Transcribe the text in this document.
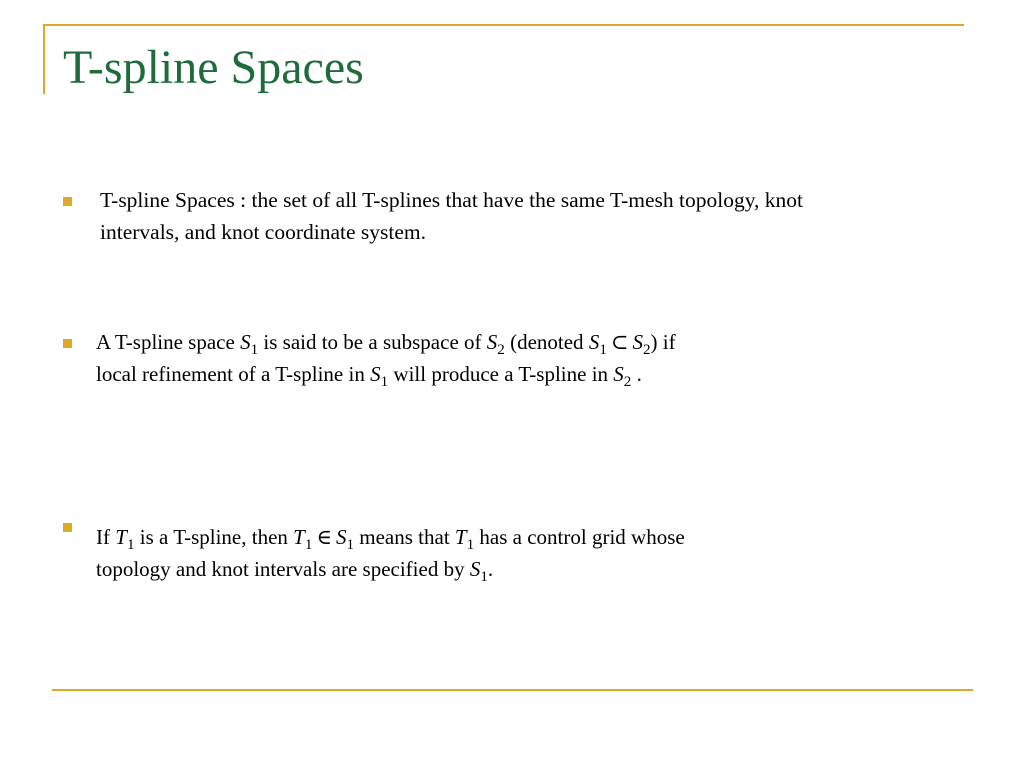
T-spline Spaces

T-spline Spaces : the set of all T-splines that have the same T-mesh topology, knot
intervals, and knot coordinate system.

A T-spline space $S_1$ is said to be a subspace of $S_2$ (denoted $S_1$ ⊂ $S_2$) if
local refinement of a T-spline in $S_1$ will produce a T-spline in $S_2$ .

If $T_1$ is a T-spline, then $T_1$ ∈ $S_1$ means that $T_1$ has a control grid whose
topology and knot intervals are specified by $S_1$.
